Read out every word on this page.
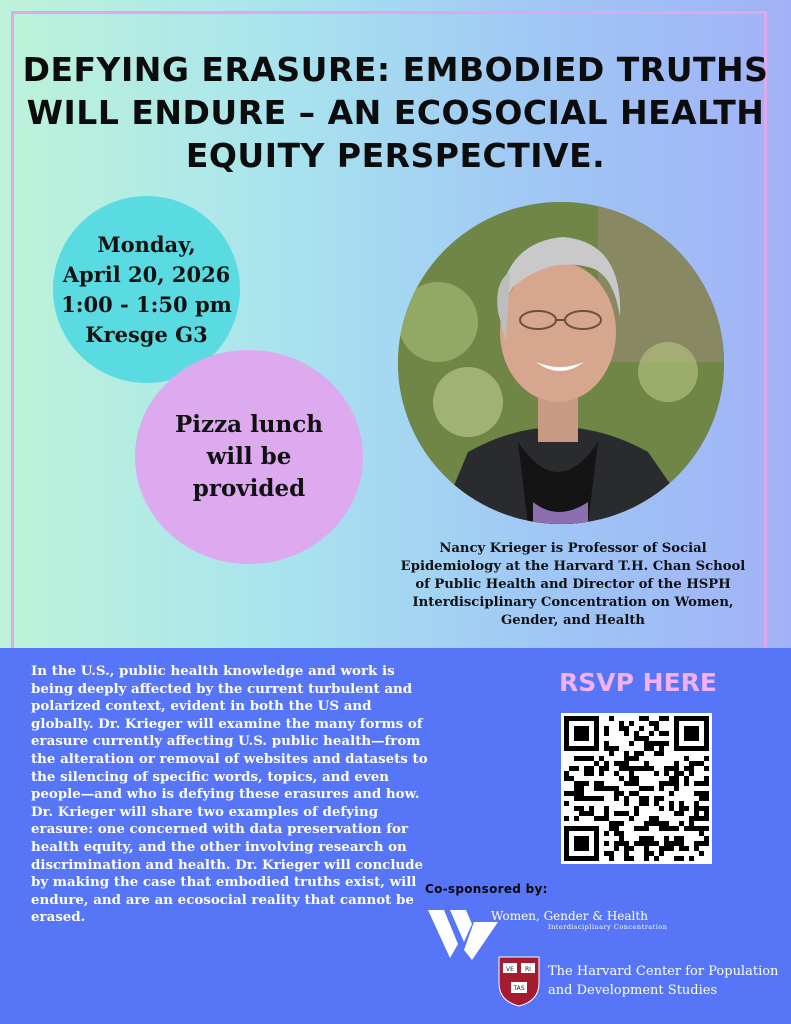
DEFYING ERASURE: EMBODIED TRUTHS WILL ENDURE – AN ECOSOCIAL HEALTH EQUITY PERSPECTIVE.
Monday,
April 20, 2026
1:00 - 1:50 pm
Kresge G3
Pizza lunch
will be
provided
Nancy Krieger is Professor of Social Epidemiology at the Harvard T.H. Chan School of Public Health and Director of the HSPH Interdisciplinary Concentration on Women, Gender, and Health
In the U.S., public health knowledge and work is being deeply affected by the current turbulent and polarized context, evident in both the US and globally. Dr. Krieger will examine the many forms of erasure currently affecting U.S. public health—from the alteration or removal of websites and datasets to the silencing of specific words, topics, and even people—and who is defying these erasures and how. Dr. Krieger will share two examples of defying erasure: one concerned with data preservation for health equity, and the other involving research on discrimination and health. Dr. Krieger will conclude by making the case that embodied truths exist, will endure, and are an ecosocial reality that cannot be erased.
RSVP HERE
Co-sponsored by:
Women, Gender & Health
Interdisciplinary Concentration
VE RI
TAS
The Harvard Center for Population
and Development Studies
